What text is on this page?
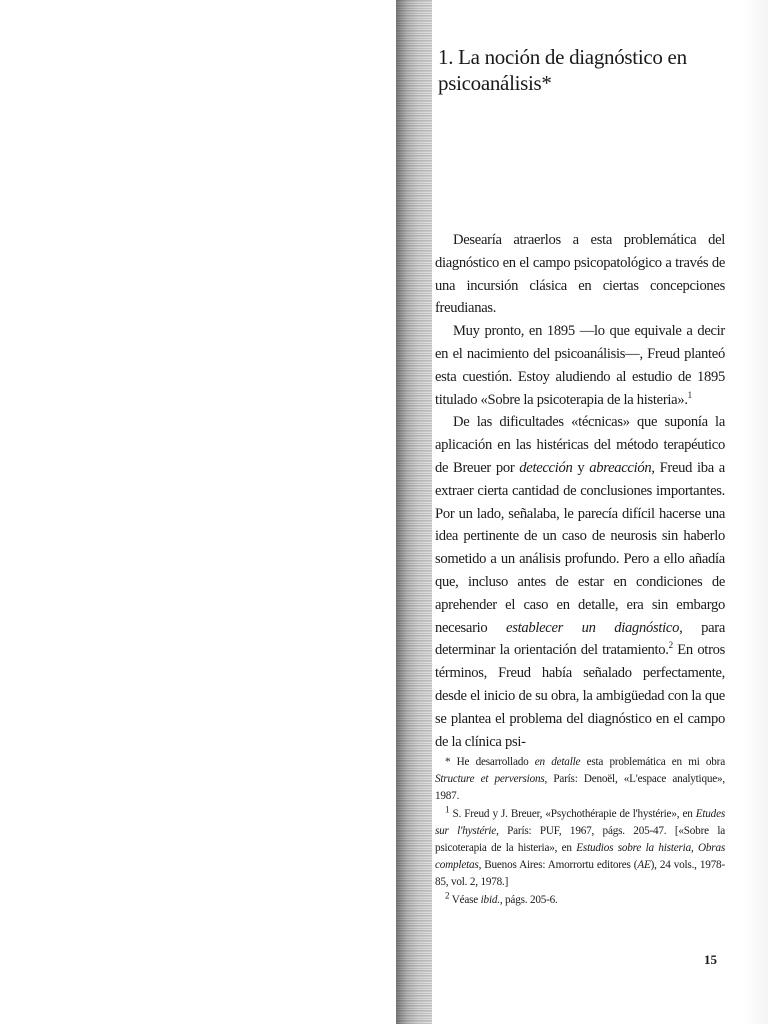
1. La noción de diagnóstico en
psicoanálisis*

Desearía atraerlos a esta problemática del diagnóstico en el campo psicopatológico a través de una incursión clásica en ciertas concepciones freudianas.

Muy pronto, en 1895 —lo que equivale a decir en el nacimiento del psicoanálisis—, Freud planteó esta cuestión. Estoy aludiendo al estudio de 1895 titulado «Sobre la psicoterapia de la histeria».$^1$

De las dificultades «técnicas» que suponía la aplicación en las histéricas del método terapéutico de Breuer por detección y abreacción, Freud iba a extraer cierta cantidad de conclusiones importantes. Por un lado, señalaba, le parecía difícil hacerse una idea pertinente de un caso de neurosis sin haberlo sometido a un análisis profundo. Pero a ello añadía que, incluso antes de estar en condiciones de aprehender el caso en detalle, era sin embargo necesario establecer un diagnóstico, para determinar la orientación del tratamiento.$^2$ En otros términos, Freud había señalado perfectamente, desde el inicio de su obra, la ambigüedad con la que se plantea el problema del diagnóstico en el campo de la clínica psi-

* He desarrollado en detalle esta problemática en mi obra Structure et perversions, París: Denoël, «L'espace analytique», 1987.

$^1$ S. Freud y J. Breuer, «Psychothérapie de l'hystérie», en Etudes sur l'hystérie, París: PUF, 1967, págs. 205-47. [«Sobre la psicoterapia de la histeria», en Estudios sobre la histeria, Obras completas, Buenos Aires: Amorrortu editores (AE), 24 vols., 1978-85, vol. 2, 1978.]

$^2$ Véase ibid., págs. 205-6.

15
